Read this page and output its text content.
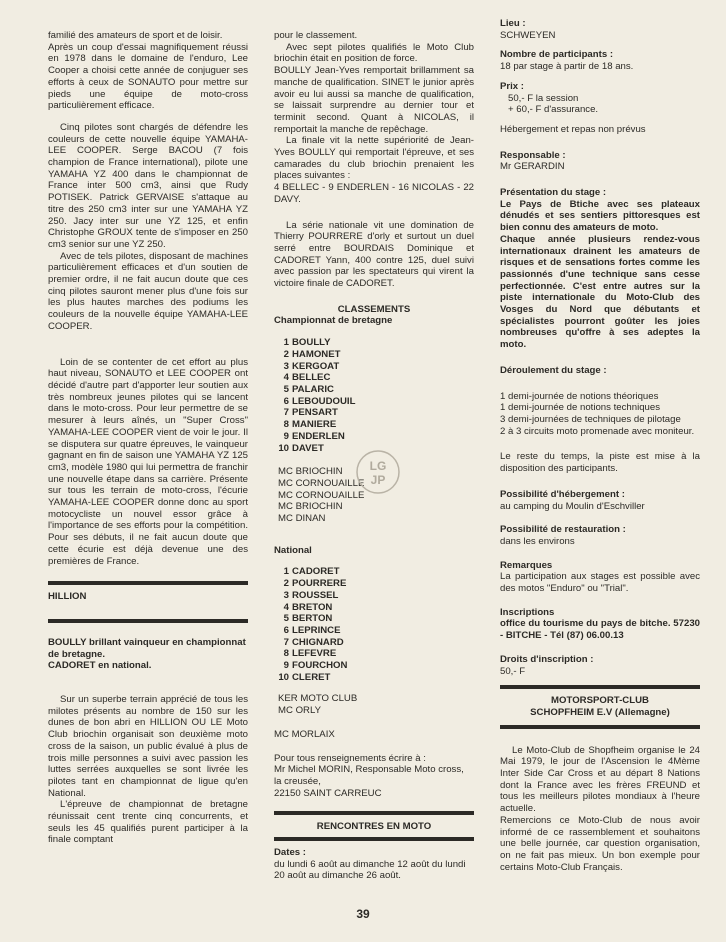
familié des amateurs de sport et de loisir.

Après un coup d'essai magnifiquement réussi en 1978 dans le domaine de l'enduro, Lee Cooper a choisi cette année de conjuguer ses efforts à ceux de SONAUTO pour mettre sur pieds une équipe de moto-cross particulièrement efficace.

Cinq pilotes sont chargés de défendre les couleurs de cette nouvelle équipe YAMAHA-LEE COOPER. Serge BACOU (7 fois champion de France international), pilote une YAMAHA YZ 400 dans le championnat de France inter 500 cm3, ainsi que Rudy POTISEK. Patrick GERVAISE s'attaque au titre des 250 cm3 inter sur une YAMAHA YZ 250. Jacy inter sur une YZ 125, et enfin Christophe GROUX tente de s'imposer en 250 cm3 senior sur une YZ 250.

Avec de tels pilotes, disposant de machines particulièrement efficaces et d'un soutien de premier ordre, il ne fait aucun doute que ces cinq pilotes sauront mener plus d'une fois sur les plus hautes marches des podiums les couleurs de la nouvelle équipe YAMAHA-LEE COOPER.

Loin de se contenter de cet effort au plus haut niveau, SONAUTO et LEE COOPER ont décidé d'autre part d'apporter leur soutien aux très nombreux jeunes pilotes qui se lancent dans le moto-cross. Pour leur permettre de se mesurer à leurs aînés, un "Super Cross" YAMAHA-LEE COOPER vient de voir le jour. Il se disputera sur quatre épreuves, le vainqueur gagnant en fin de saison une YAMAHA YZ 125 cm3, modèle 1980 qui lui permettra de franchir une nouvelle étape dans sa carrière. Présente sur tous les terrain de moto-cross, l'écurie YAMAHA-LEE COOPER donne donc au sport motocycliste un nouvel essor grâce à l'importance de ses efforts pour la compétition. Pour ses débuts, il ne fait aucun doute que cette écurie est déjà devenue une des premières de France.

HILLION
BOULLY brillant vainqueur en championnat de bretagne.
CADORET en national.

Sur un superbe terrain apprécié de tous les milotes présents au nombre de 150 sur les dunes de bon abri en HILLION OU LE Moto Club briochin organisait son deuxième moto cross de la saison, un public évalué à plus de trois mille personnes a suivi avec passion les luttes serrées auxquelles se sont livrée les pilotes tant en championnat de ligue qu'en National.

L'épreuve de championnat de bretagne réunissait cent trente cinq concurrents, et seuls les 45 qualifiés purent participer à la finale comptant

pour le classement.

Avec sept pilotes qualifiés le Moto Club briochin était en position de force.

BOULLY Jean-Yves remportait brillamment sa manche de qualification. SINET le junior après avoir eu lui aussi sa manche de qualification, se laissait surprendre au dernier tour et terminit second. Quant à NICOLAS, il remportait la manche de repêchage.

La finale vit la nette supériorité de Jean-Yves BOULLY qui remportait l'épreuve, et ses camarades du club briochin prenaient les places suivantes :

4 BELLEC - 9 ENDERLEN - 16 NICOLAS - 22 DAVY.

La série nationale vit une domination de Thierry POURRERE d'orly et surtout un duel serré entre BOURDAIS Dominique et CADORET Yann, 400 contre 125, duel suivi avec passion par les spectateurs qui virent la victoire finale de CADORET.

CLASSEMENTS
Championnat de bretagne
1 BOULLY
2 HAMONET
3 KERGOAT
4 BELLEC
5 PALARIC
6 LEBOUDOUIL
7 PENSART
8 MANIERE
9 ENDERLEN
10 DAVET
MC BRIOCHIN
MC CORNOUAILLE
MC CORNOUAILLE
MC BRIOCHIN
MC DINAN
National
1 CADORET
2 POURRERE
3 ROUSSEL
4 BRETON
5 BERTON
6 LEPRINCE
7 CHIGNARD
8 LEFEVRE
9 FOURCHON
10 CLERET
KER MOTO CLUB
MC ORLY
MC MORLAIX
Pour tous renseignements écrire à :
Mr Michel MORIN, Responsable Moto cross,
la creusée,
22150 SAINT CARREUC
RENCONTRES EN MOTO
Dates :
du lundi 6 août au dimanche 12 août du lundi 20 août au dimanche 26 août.
Lieu :
SCHWEYEN
Nombre de participants :
18 par stage à partir de 18 ans.
Prix :
50,- F la session
+ 60,- F d'assurance.
Hébergement et repas non prévus
Responsable :
Mr GERARDIN
Présentation du stage :

Le Pays de Btiche avec ses plateaux dénudés et ses sentiers pittoresques est bien connu des amateurs de moto.

Chaque année plusieurs rendez-vous internationaux drainent les amateurs de risques et de sensations fortes comme les passionnés d'une technique sans cesse perfectionnée. C'est entre autres sur la piste internationale du Moto-Club des Vosges du Nord que débutants et spécialistes pourront goûter les joies nombreuses qu'offre à ses adeptes la moto.

Déroulement du stage :
1 demi-journée de notions théoriques
1 demi-journée de notions techniques
3 demi-journées de techniques de pilotage
2 à 3 circuits moto promenade avec moniteur.

Le reste du temps, la piste est mise à la disposition des participants.

Possibilité d'hébergement :
au camping du Moulin d'Eschviller
Possibilité de restauration :
dans les environs
Remarques

La participation aux stages est possible avec des motos "Enduro" ou "Trial".

Inscriptions

office du tourisme du pays de bitche. 57230 - BITCHE - Tél (87) 06.00.13

Droits d'inscription :
50,- F
MOTORSPORT-CLUB
SCHOPFHEIM E.V (Allemagne)

Le Moto-Club de Shopfheim organise le 24 Mai 1979, le jour de l'Ascension le 4Mème Inter Side Car Cross et au départ 8 Nations dont la France avec les frères FREUND et tous les meilleurs pilotes mondiaux à l'heure actuelle.

Remercions ce Moto-Club de nous avoir informé de ce rassemblement et souhaitons une belle journée, car question organisation, on ne fait pas mieux. Un bon exemple pour certains Moto-Club Français.

LG
JP
39
